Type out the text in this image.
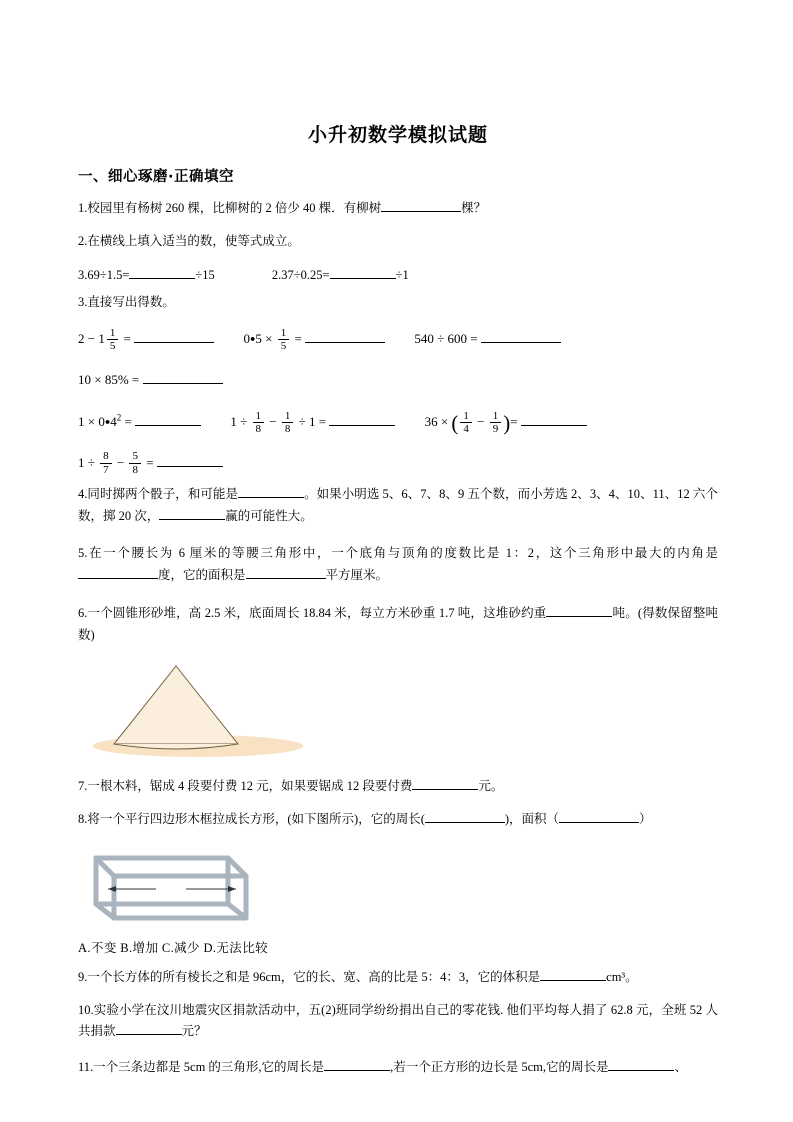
小升初数学模拟试题
一、细心琢磨·正确填空
1.校园里有杨树 260 棵，比柳树的 2 倍少 40 棵．有柳树	棵？
2.在横线上填入适当的数，使等式成立。
3.69÷1.5=	÷15	2.37÷0.25=	÷1
3.直接写出得数。
$2 - 1 \frac{1}{5}$ =	0●5 × $\frac{1}{5}$ =	540 ÷ 600 =  10 × 85% =
$1 \times 0●4^2$ =	$1 \div \frac{1}{8} - \frac{1}{8} \div 1$ =	36 × ( $\frac{1}{4} - \frac{1}{9}$ )=  $1 \div \frac{8}{7} - \frac{5}{8}$ =
4.同时掷两个骰子，和可能是	。如果小明选 5、6、7、8、9 五个数，而小芳选 2、3、4、10、11、12 六个数，掷 20 次，	赢的可能性大。
5.在一个腰长为 6 厘米的等腰三角形中，一个底角与顶角的度数比是 1：2，这个三角形中最大的内角是度，它的面积是	平方厘米。
6.一个圆锥形砂堆，高 2.5 米，底面周长 18.84 米，每立方米砂重 1.7 吨，这堆砂约重	吨。(得数保留整吨数)
7.一根木料，锯成 4 段要付费 12 元，如果要锯成 12 段要付费	元。
8.将一个平行四边形木框拉成长方形，(如下图所示)，它的周长(	)，面积（	）
A.不变 B.增加 C.减少 D.无法比较
9.一个长方体的所有棱长之和是 96cm，它的长、宽、高的比是 5：4：3，它的体积是	cm³。
10.实验小学在汶川地震灾区捐款活动中，五(2)班同学纷纷捐出自己的零花钱. 他们平均每人捐了 62.8 元，全班 52 人共捐款	元？
11.一个三条边都是 5cm 的三角形,它的周长是	,若一个正方形的边长是 5cm,它的周长是	、
